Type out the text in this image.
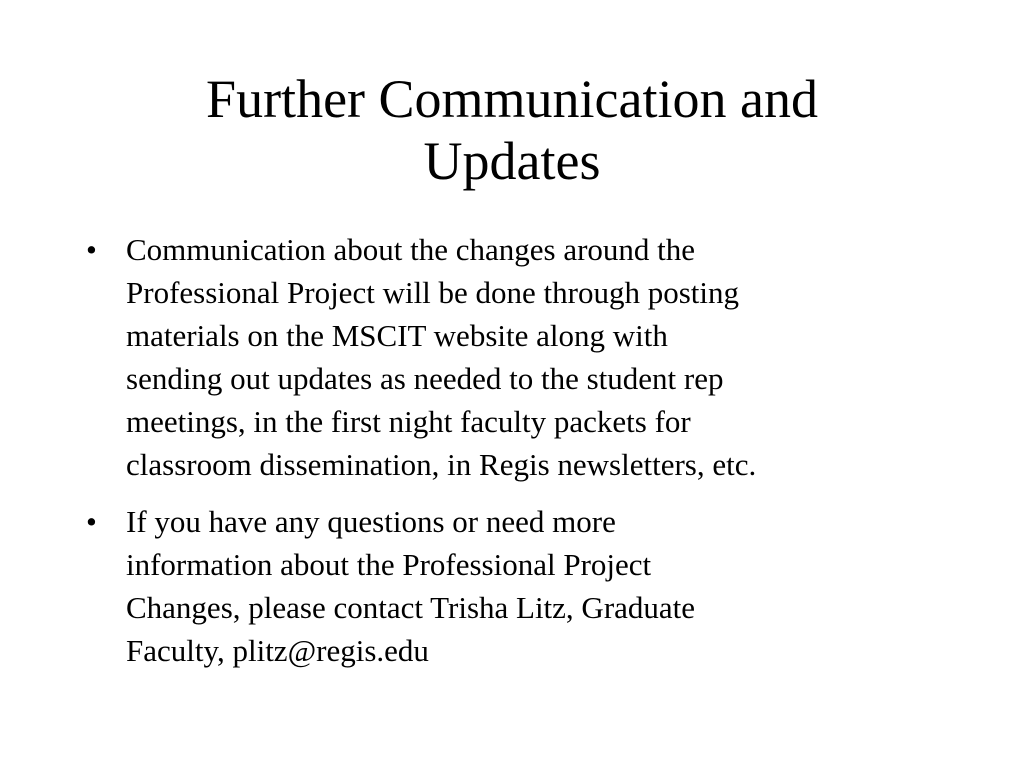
Further Communication and
Updates
• Communication about the changes around the
Professional Project will be done through posting
materials on the MSCIT website along with
sending out updates as needed to the student rep
meetings, in the first night faculty packets for
classroom dissemination, in Regis newsletters, etc.
• If you have any questions or need more
information about the Professional Project
Changes, please contact Trisha Litz, Graduate
Faculty, plitz@regis.edu
